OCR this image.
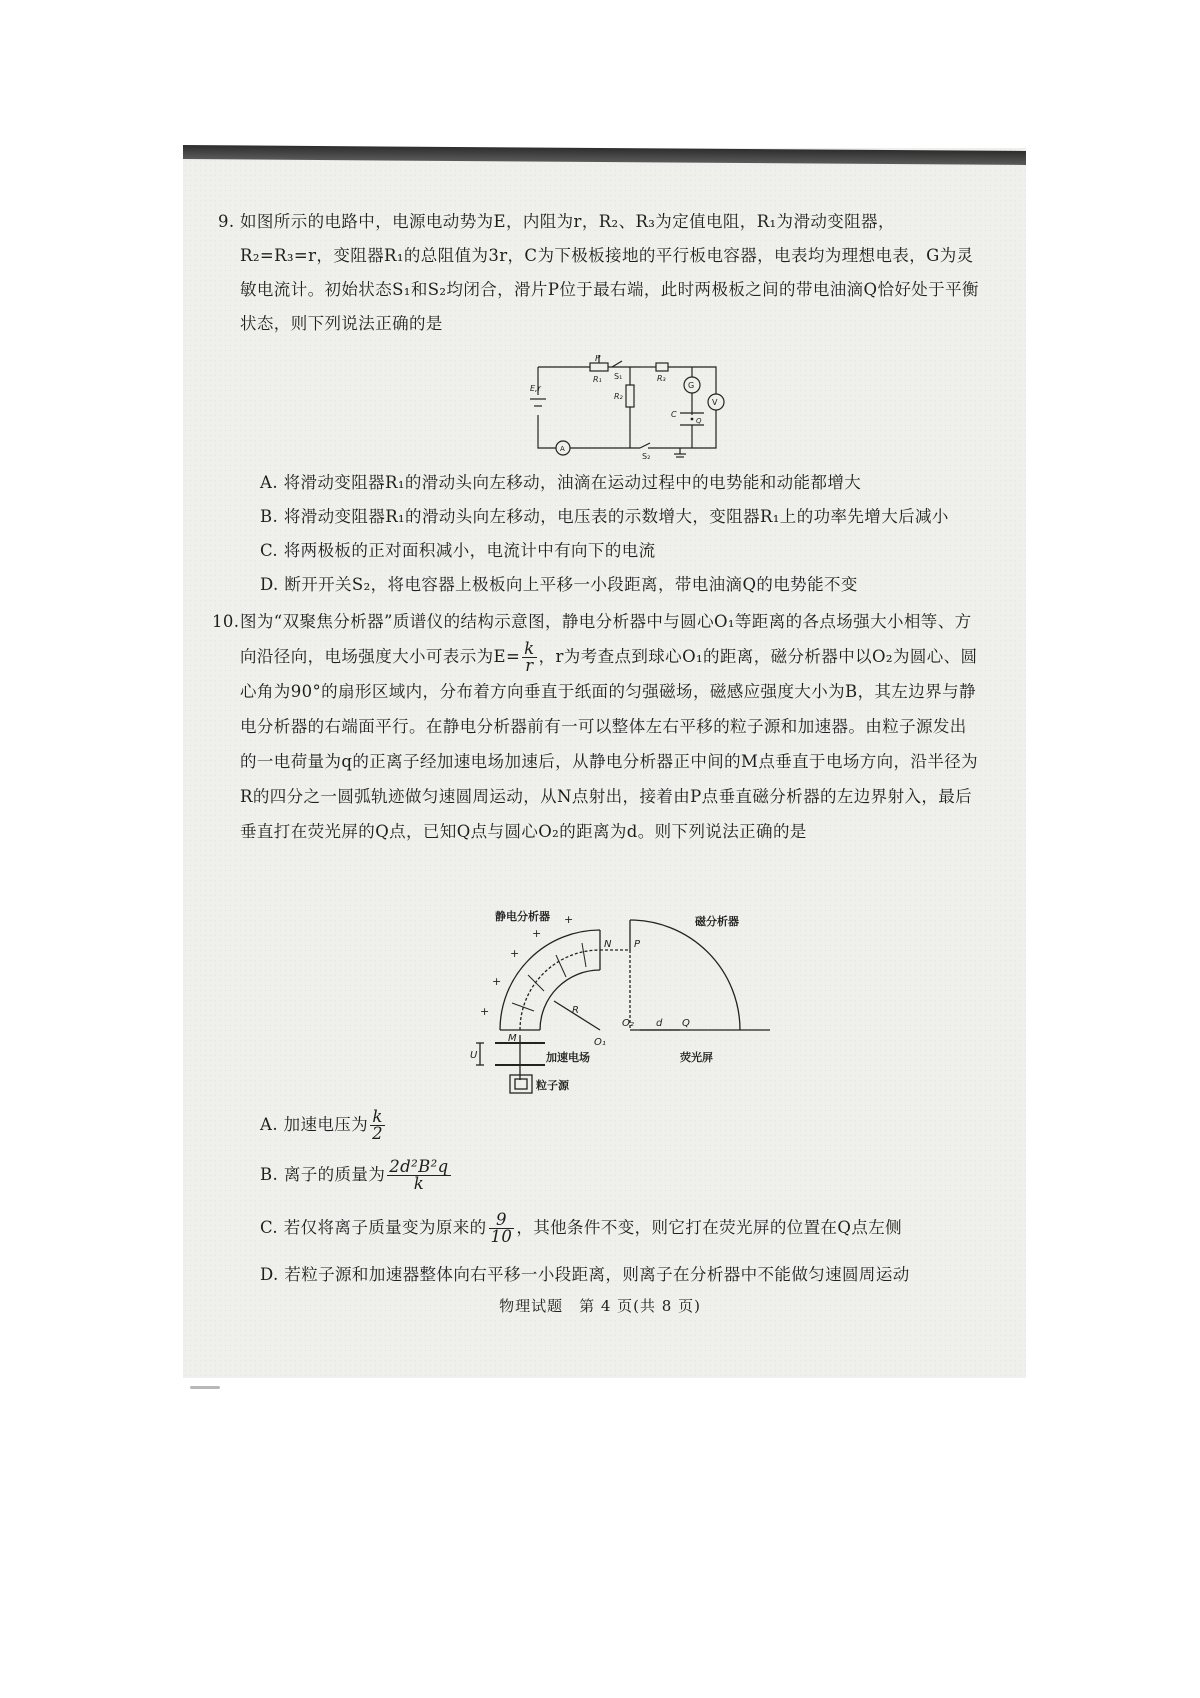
9. 如图所示的电路中，电源电动势为E，内阻为r，R₂、R₃为定值电阻，R₁为滑动变阻器，R₂=R₃=r，变阻器R₁的总阻值为3r，C为下极板接地的平行板电容器，电表均为理想电表，G为灵敏电流计。初始状态S₁和S₂均闭合，滑片P位于最右端，此时两极板之间的带电油滴Q恰好处于平衡状态，则下列说法正确的是
P
R₁ S₁	R₃
R₂
G
V
C
Q
E,r
A
S₂
A. 将滑动变阻器R₁的滑动头向左移动，油滴在运动过程中的电势能和动能都增大
B. 将滑动变阻器R₁的滑动头向左移动，电压表的示数增大，变阻器R₁上的功率先增大后减小
C. 将两极板的正对面积减小，电流计中有向下的电流
D. 断开开关S₂，将电容器上极板向上平移一小段距离，带电油滴Q的电势能不变
10. 图为“双聚焦分析器”质谱仪的结构示意图，静电分析器中与圆心O₁等距离的各点场强大小相等、方向沿径向，电场强度大小可表示为$E= \frac{k}{r}$ ，r为考查点到球心O₁的距离，磁分析器中以O₂为圆心、圆心角为90°的扇形区域内，分布着方向垂直于纸面的匀强磁场，磁感应强度大小为B，其左边界与静电分析器的右端面平行。在静电分析器前有一可以整体左右平移的粒子源和加速器。由粒子源发出的一电荷量为q的正离子经加速电场加速后，从静电分析器正中间的M点垂直于电场方向，沿半径为R的四分之一圆弧轨迹做匀速圆周运动，从N点射出，接着由P点垂直磁分析器的左边界射入，最后垂直打在荧光屏的Q点，已知Q点与圆心O₂的距离为d。则下列说法正确的是
+
+
+
+
+
静电分析器	磁分析器
N P
R
M	O₁
O₂ d Q
U	加速电场	荧光屏
粒子源
A. 加速电压为 $\frac{k}{2}$
B. 离子的质量为 $\frac{\text{2d²B²q}}{k}$
C. 若仅将离子质量变为原来的 $\frac{9}{10}$ ，其他条件不变，则它打在荧光屏的位置在Q点左侧
D. 若粒子源和加速器整体向右平移一小段距离，则离子在分析器中不能做匀速圆周运动
物理试题　第 4 页(共 8 页)
